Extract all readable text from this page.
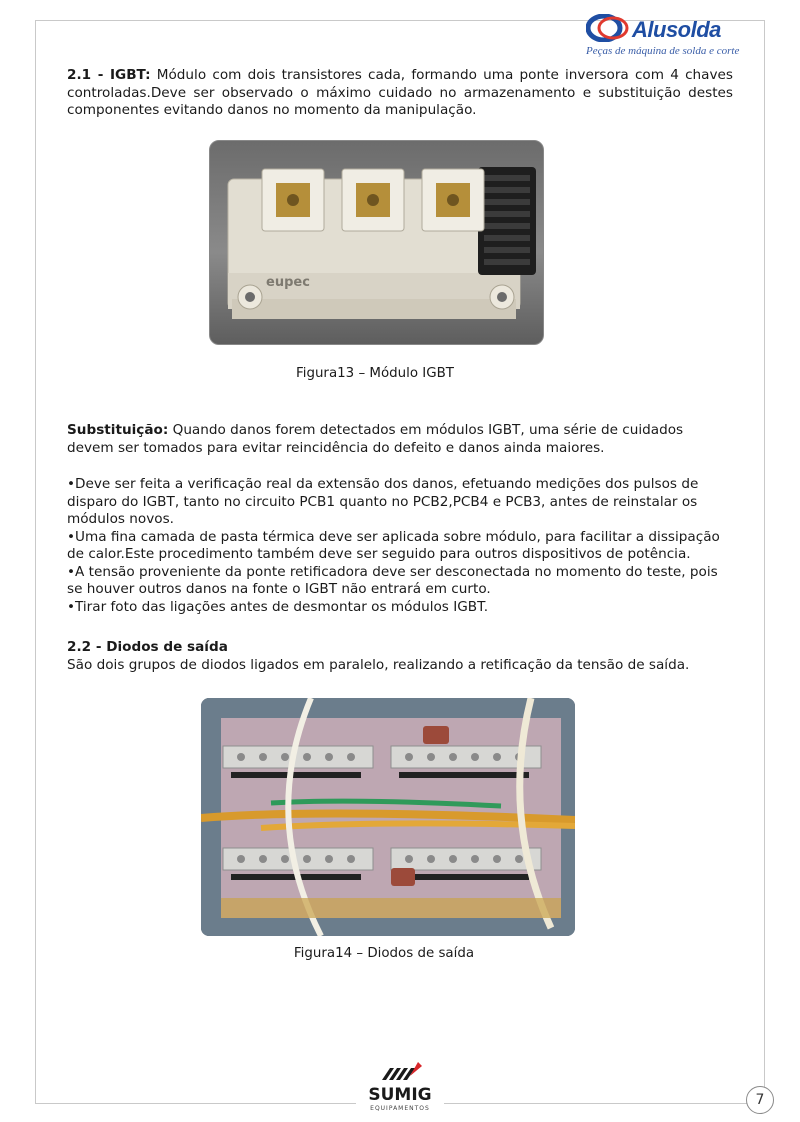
Alusolda
Peças de máquina de solda e corte
2.1 - IGBT: Módulo com dois transistores cada, formando uma ponte inversora com 4 chaves controladas.Deve ser observado o máximo cuidado no armazenamento e substituição destes componentes evitando danos no momento da manipulação.
eupec
Figura13 – Módulo IGBT
Substituição: Quando danos forem detectados em módulos IGBT, uma série de cuidados devem ser tomados para evitar reincidência do defeito e danos ainda maiores.
•Deve ser feita a verificação real da extensão dos danos, efetuando medições dos pulsos de disparo do IGBT, tanto no circuito PCB1 quanto no PCB2,PCB4 e PCB3, antes de reinstalar os módulos novos.
•Uma fina camada de pasta térmica deve ser aplicada sobre módulo, para facilitar a dissipação de calor.Este procedimento também deve ser seguido para outros dispositivos de potência.
•A tensão proveniente da ponte retificadora deve ser desconectada no momento do teste, pois se houver outros danos na fonte o IGBT não entrará em curto.
•Tirar foto das ligações antes de desmontar os módulos IGBT.
2.2 - Diodos de saída
São dois grupos de diodos ligados em paralelo, realizando a retificação da tensão de saída.
Figura14 – Diodos de saída
SUMIG
EQUIPAMENTOS
7
